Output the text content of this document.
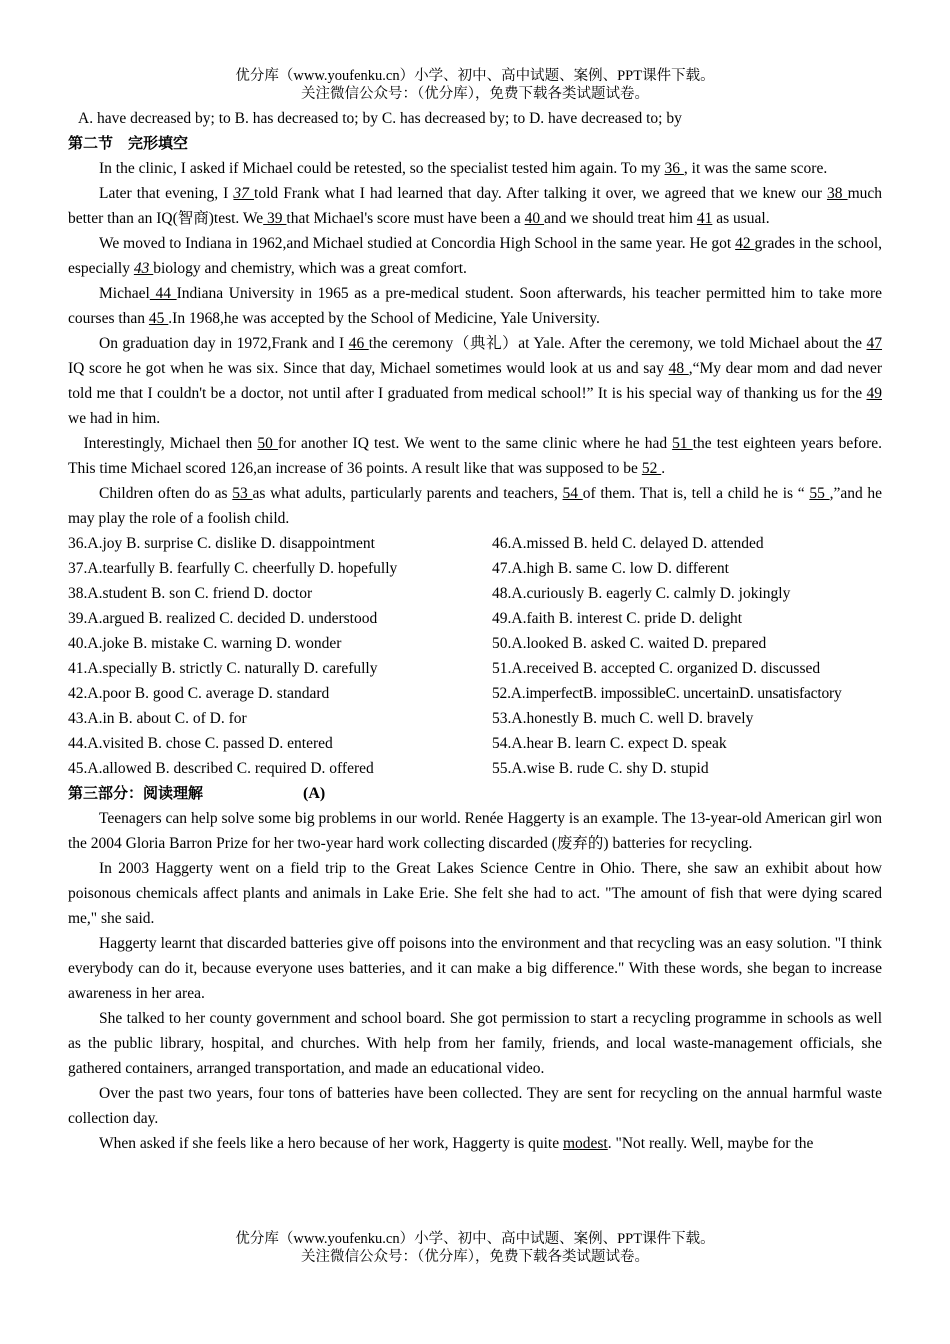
优分库（www.youfenku.cn）小学、初中、高中试题、案例、PPT课件下载。
关注微信公众号：（优分库），免费下载各类试题试卷。
A. have decreased by; to B. has decreased to; by C. has decreased by; to D. have decreased to; by
第二节　完形填空

In the clinic, I asked if Michael could be retested, so the specialist tested him again. To my 36 , it was the same score.

Later that evening, I 37 told Frank what I had learned that day. After talking it over, we agreed that we knew our 38 much better than an IQ(智商)test. We 39 that Michael's score must have been a 40 and we should treat him 41 as usual.

We moved to Indiana in 1962,and Michael studied at Concordia High School in the same year. He got 42 grades in the school, especially 43 biology and chemistry, which was a great comfort.

Michael 44 Indiana University in 1965 as a pre-medical student. Soon afterwards, his teacher permitted him to take more courses than 45 .In 1968,he was accepted by the School of Medicine, Yale University.

On graduation day in 1972,Frank and I 46 the ceremony（典礼）at Yale. After the ceremony, we told Michael about the 47 IQ score he got when he was six. Since that day, Michael sometimes would look at us and say 48 ,“My dear mom and dad never told me that I couldn't be a doctor, not until after I graduated from medical school!” It is his special way of thanking us for the 49 we had in him.

Interestingly, Michael then 50 for another IQ test. We went to the same clinic where he had 51 the test eighteen years before. This time Michael scored 126,an increase of 36 points. A result like that was supposed to be 52 .

Children often do as 53 as what adults, particularly parents and teachers, 54 of them. That is, tell a child he is “ 55 ,”and he may play the role of a foolish child.

36.A.joy B. surprise C. dislike D. disappointment
37.A.tearfully B. fearfully C. cheerfully D. hopefully
38.A.student B. son C. friend D. doctor
39.A.argued B. realized C. decided D. understood
40.A.joke B. mistake C. warning D. wonder
41.A.specially B. strictly C. naturally D. carefully
42.A.poor B. good C. average D. standard
43.A.in B. about C. of D. for
44.A.visited B. chose C. passed D. entered
45.A.allowed B. described C. required D. offered
46.A.missed B. held C. delayed D. attended
47.A.high B. same C. low D. different
48.A.curiously B. eagerly C. calmly D. jokingly
49.A.faith B. interest C. pride D. delight
50.A.looked B. asked C. waited D. prepared
51.A.received B. accepted C. organized D. discussed
52.A.imperfectB. impossibleC. uncertainD. unsatisfactory
53.A.honestly B. much C. well D. bravely
54.A.hear B. learn C. expect D. speak
55.A.wise B. rude C. shy D. stupid
第三部分：阅读理解	(A)

Teenagers can help solve some big problems in our world. Renée Haggerty is an example. The 13-year-old American girl won the 2004 Gloria Barron Prize for her two-year hard work collecting discarded (废弃的) batteries for recycling.

In 2003 Haggerty went on a field trip to the Great Lakes Science Centre in Ohio. There, she saw an exhibit about how poisonous chemicals affect plants and animals in Lake Erie. She felt she had to act. "The amount of fish that were dying scared me," she said.

Haggerty learnt that discarded batteries give off poisons into the environment and that recycling was an easy solution. "I think everybody can do it, because everyone uses batteries, and it can make a big difference." With these words, she began to increase awareness in her area.

She talked to her county government and school board. She got permission to start a recycling programme in schools as well as the public library, hospital, and churches. With help from her family, friends, and local waste-management officials, she gathered containers, arranged transportation, and made an educational video.

Over the past two years, four tons of batteries have been collected. They are sent for recycling on the annual harmful waste collection day.

When asked if she feels like a hero because of her work, Haggerty is quite modest. "Not really. Well, maybe for the

优分库（www.youfenku.cn）小学、初中、高中试题、案例、PPT课件下载。
关注微信公众号：（优分库），免费下载各类试题试卷。
